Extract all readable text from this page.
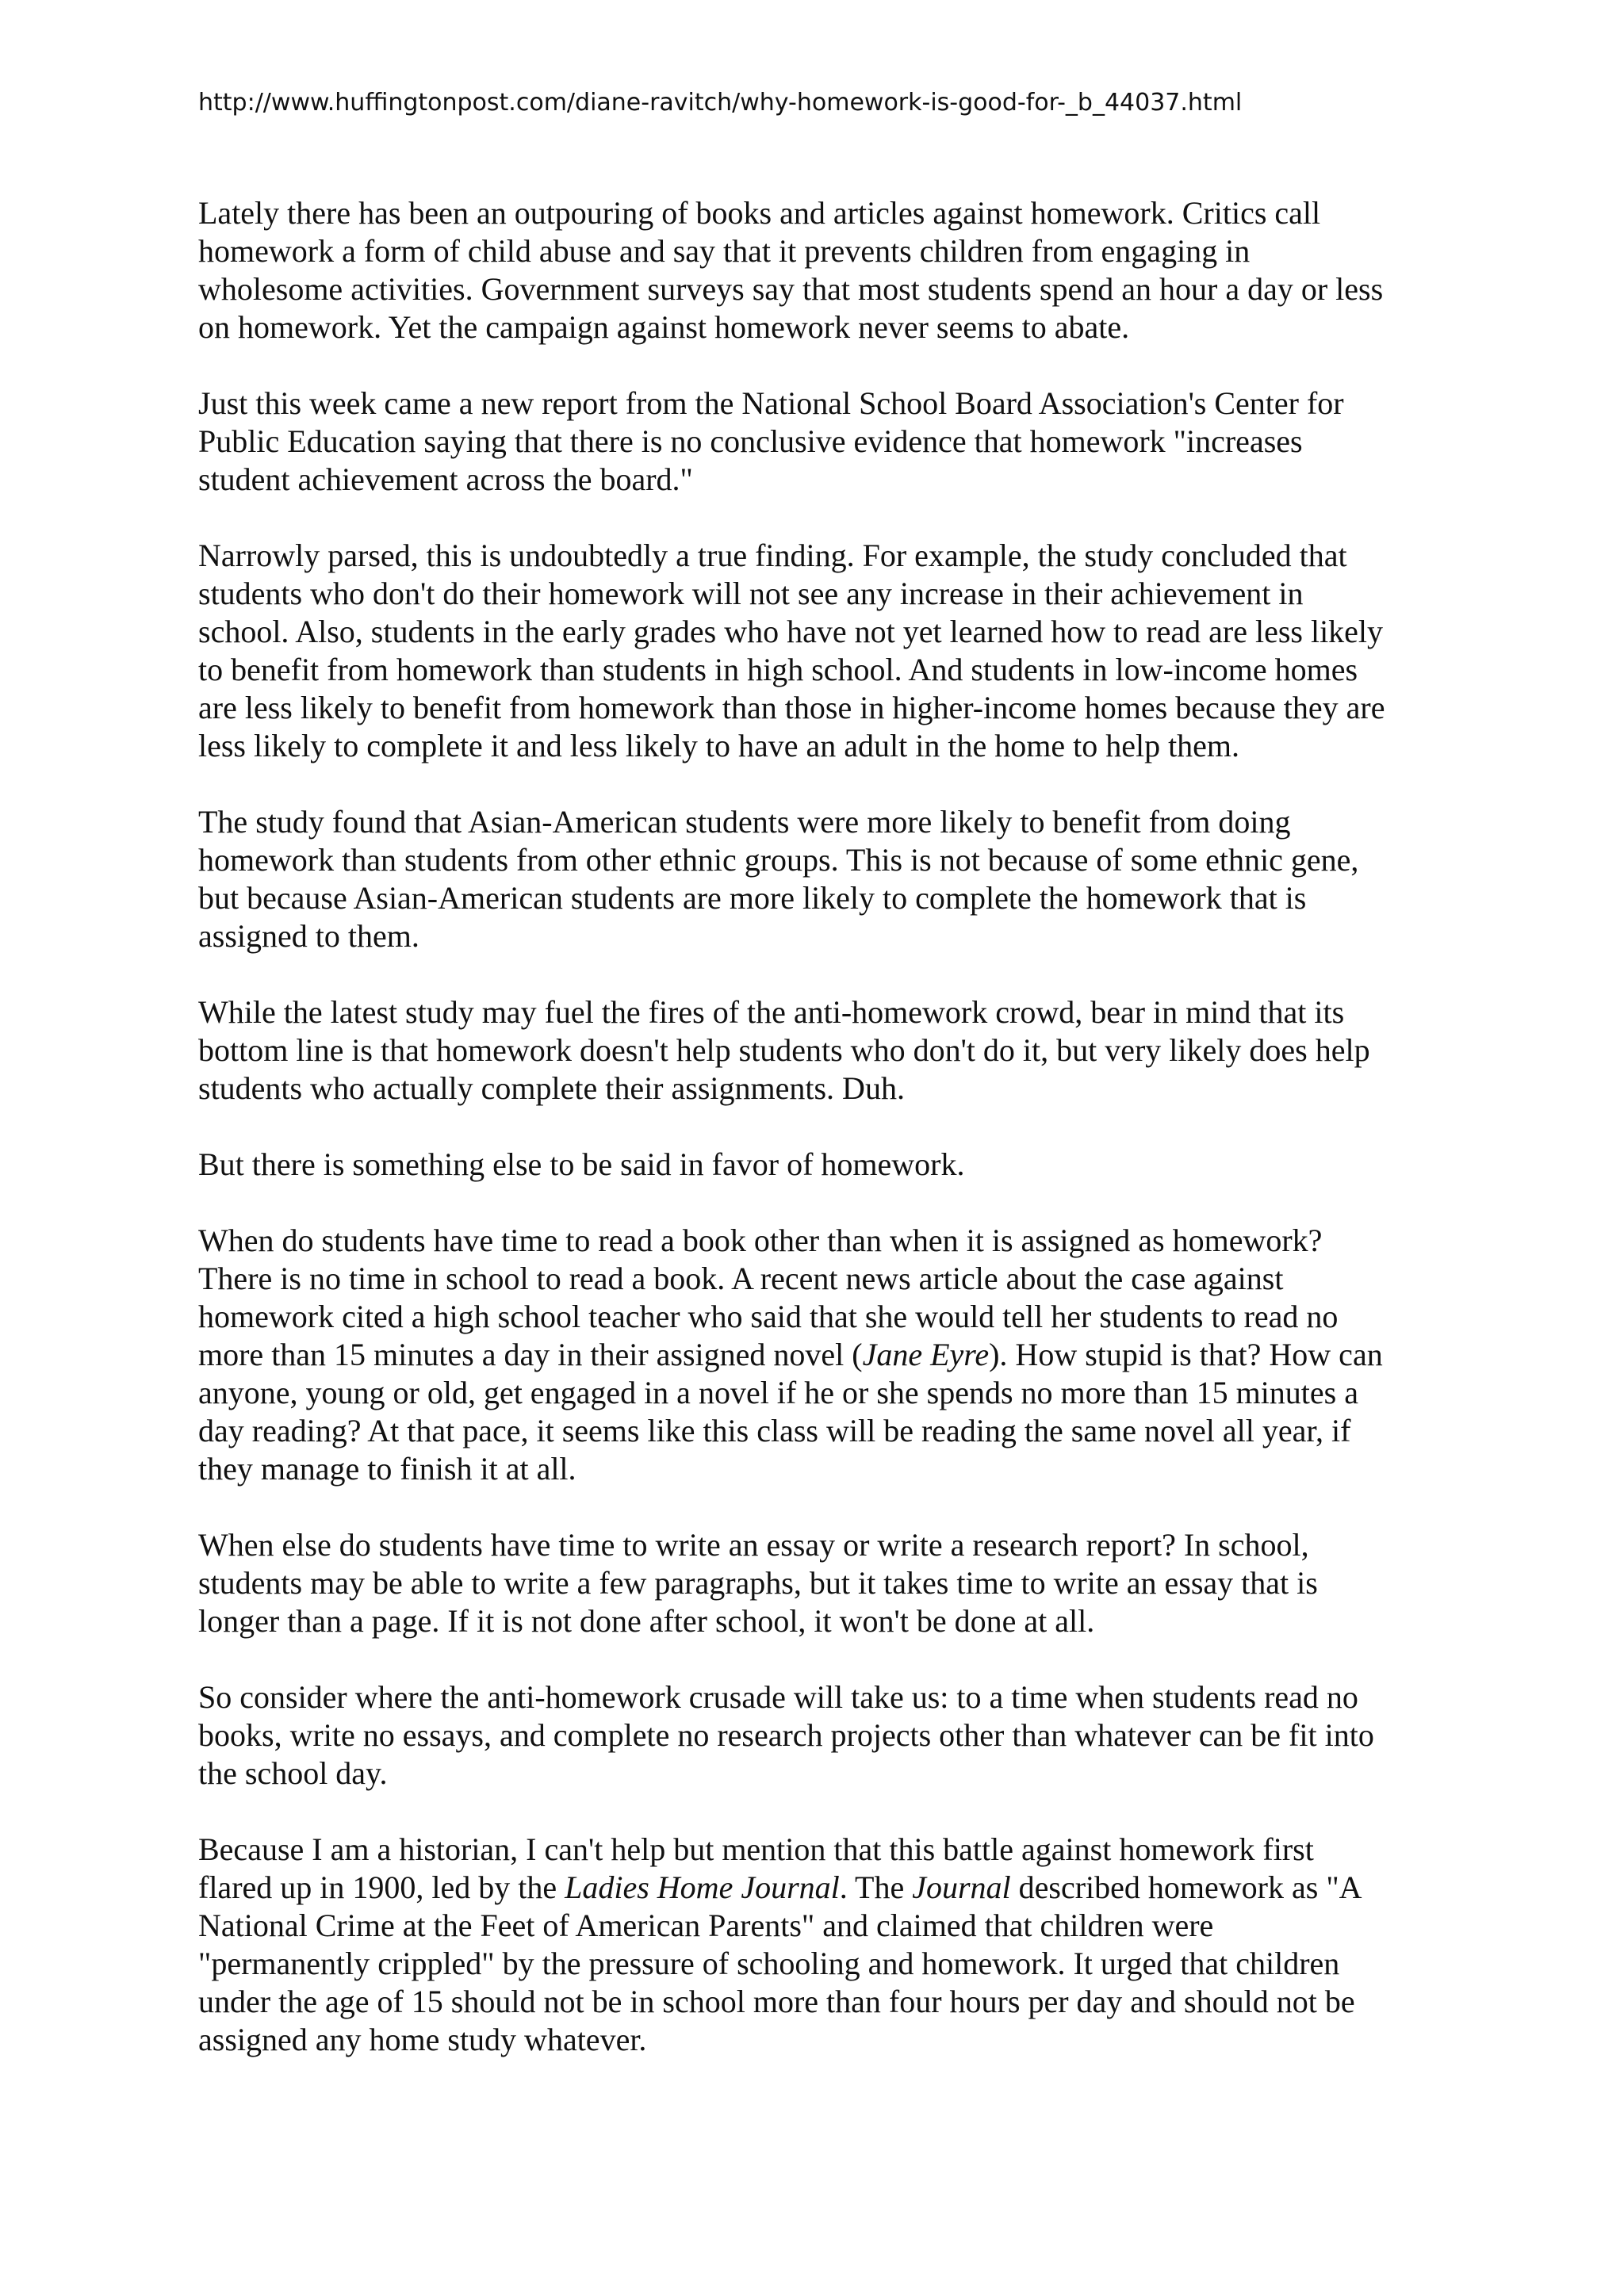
http://www.huffingtonpost.com/diane-ravitch/why-homework-is-good-for-_b_44037.html

Lately there has been an outpouring of books and articles against homework. Critics call
homework a form of child abuse and say that it prevents children from engaging in
wholesome activities. Government surveys say that most students spend an hour a day or less
on homework. Yet the campaign against homework never seems to abate.

Just this week came a new report from the National School Board Association's Center for
Public Education saying that there is no conclusive evidence that homework "increases
student achievement across the board."

Narrowly parsed, this is undoubtedly a true finding. For example, the study concluded that
students who don't do their homework will not see any increase in their achievement in
school. Also, students in the early grades who have not yet learned how to read are less likely
to benefit from homework than students in high school. And students in low-income homes
are less likely to benefit from homework than those in higher-income homes because they are
less likely to complete it and less likely to have an adult in the home to help them.

The study found that Asian-American students were more likely to benefit from doing
homework than students from other ethnic groups. This is not because of some ethnic gene,
but because Asian-American students are more likely to complete the homework that is
assigned to them.

While the latest study may fuel the fires of the anti-homework crowd, bear in mind that its
bottom line is that homework doesn't help students who don't do it, but very likely does help
students who actually complete their assignments. Duh.

But there is something else to be said in favor of homework.

When do students have time to read a book other than when it is assigned as homework?
There is no time in school to read a book. A recent news article about the case against
homework cited a high school teacher who said that she would tell her students to read no
more than 15 minutes a day in their assigned novel (Jane Eyre). How stupid is that? How can
anyone, young or old, get engaged in a novel if he or she spends no more than 15 minutes a
day reading? At that pace, it seems like this class will be reading the same novel all year, if
they manage to finish it at all.

When else do students have time to write an essay or write a research report? In school,
students may be able to write a few paragraphs, but it takes time to write an essay that is
longer than a page. If it is not done after school, it won't be done at all.

So consider where the anti-homework crusade will take us: to a time when students read no
books, write no essays, and complete no research projects other than whatever can be fit into
the school day.

Because I am a historian, I can't help but mention that this battle against homework first
flared up in 1900, led by the Ladies Home Journal. The Journal described homework as "A
National Crime at the Feet of American Parents" and claimed that children were
"permanently crippled" by the pressure of schooling and homework. It urged that children
under the age of 15 should not be in school more than four hours per day and should not be
assigned any home study whatever.
